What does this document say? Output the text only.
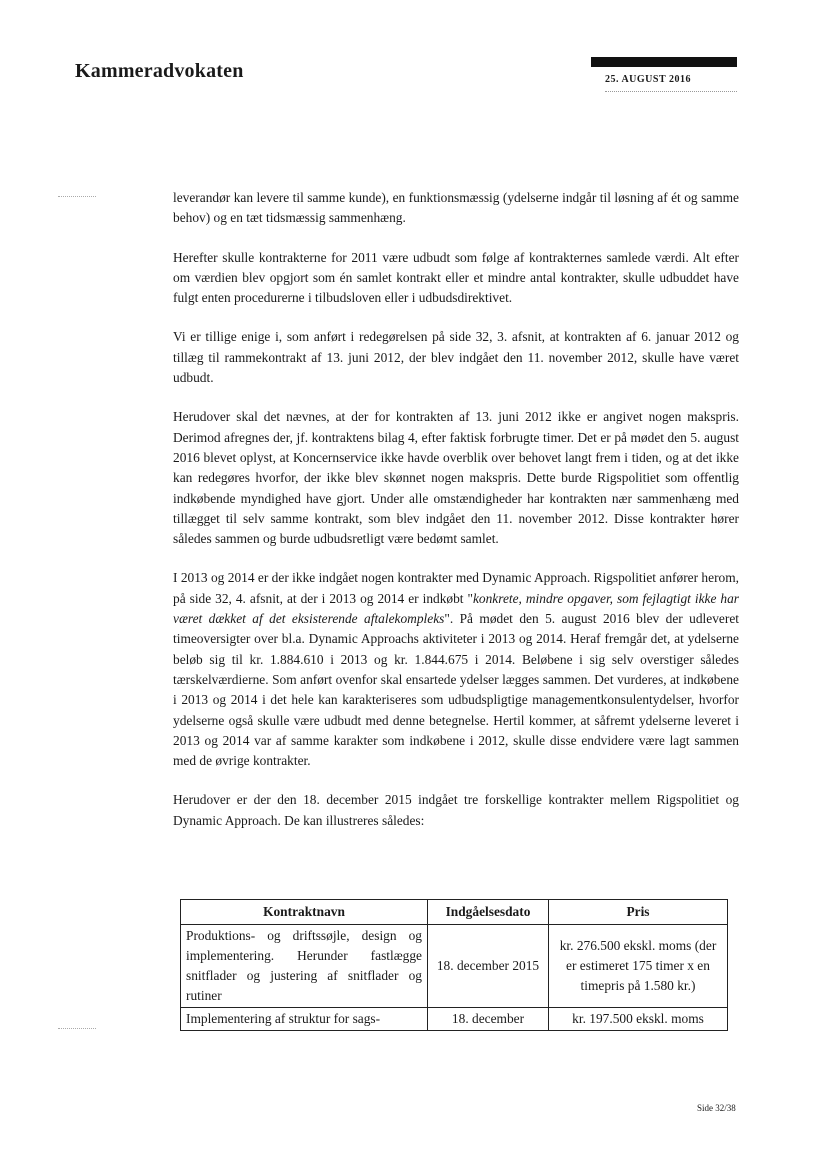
Kammeradvokaten	25. AUGUST 2016

leverandør kan levere til samme kunde), en funktionsmæssig (ydelserne indgår til løsning af ét og samme behov) og en tæt tidsmæssig sammenhæng.

Herefter skulle kontrakterne for 2011 være udbudt som følge af kontrakternes samlede værdi. Alt efter om værdien blev opgjort som én samlet kontrakt eller et mindre antal kontrakter, skulle udbuddet have fulgt enten procedurerne i tilbudsloven eller i udbudsdirektivet.

Vi er tillige enige i, som anført i redegørelsen på side 32, 3. afsnit, at kontrakten af 6. januar 2012 og tillæg til rammekontrakt af 13. juni 2012, der blev indgået den 11. november 2012, skulle have været udbudt.

Herudover skal det nævnes, at der for kontrakten af 13. juni 2012 ikke er angivet nogen makspris. Derimod afregnes der, jf. kontraktens bilag 4, efter faktisk forbrugte timer. Det er på mødet den 5. august 2016 blevet oplyst, at Koncernservice ikke havde overblik over behovet langt frem i tiden, og at det ikke kan redegøres hvorfor, der ikke blev skønnet nogen makspris. Dette burde Rigspolitiet som offentlig indkøbende myndighed have gjort. Under alle omstændigheder har kontrakten nær sammenhæng med tillægget til selv samme kontrakt, som blev indgået den 11. november 2012. Disse kontrakter hører således sammen og burde udbudsretligt være bedømt samlet.

I 2013 og 2014 er der ikke indgået nogen kontrakter med Dynamic Approach. Rigspolitiet anfører herom, på side 32, 4. afsnit, at der i 2013 og 2014 er indkøbt "konkrete, mindre opgaver, som fejlagtigt ikke har været dækket af det eksisterende aftalekompleks". På mødet den 5. august 2016 blev der udleveret timeoversigter over bl.a. Dynamic Approachs aktiviteter i 2013 og 2014. Heraf fremgår det, at ydelserne beløb sig til kr. 1.884.610 i 2013 og kr. 1.844.675 i 2014. Beløbene i sig selv overstiger således tærskelværdierne. Som anført ovenfor skal ensartede ydelser lægges sammen. Det vurderes, at indkøbene i 2013 og 2014 i det hele kan karakteriseres som udbudspligtige managementkonsulentydelser, hvorfor ydelserne også skulle være udbudt med denne betegnelse. Hertil kommer, at såfremt ydelserne leveret i 2013 og 2014 var af samme karakter som indkøbene i 2012, skulle disse endvidere være lagt sammen med de øvrige kontrakter.

Herudover er der den 18. december 2015 indgået tre forskellige kontrakter mellem Rigspolitiet og Dynamic Approach. De kan illustreres således:

Kontraktnavn	Indgåelsesdato	Pris
Produktions- og driftssøjle, design og implementering. Herunder fastlægge snitflader og justering af snitflader og rutiner	18. december 2015	kr. 276.500 ekskl. moms (der er estimeret 175 timer x en timepris på 1.580 kr.)
Implementering af struktur for sags-	18. december	kr. 197.500 ekskl. moms
Side 32/38
